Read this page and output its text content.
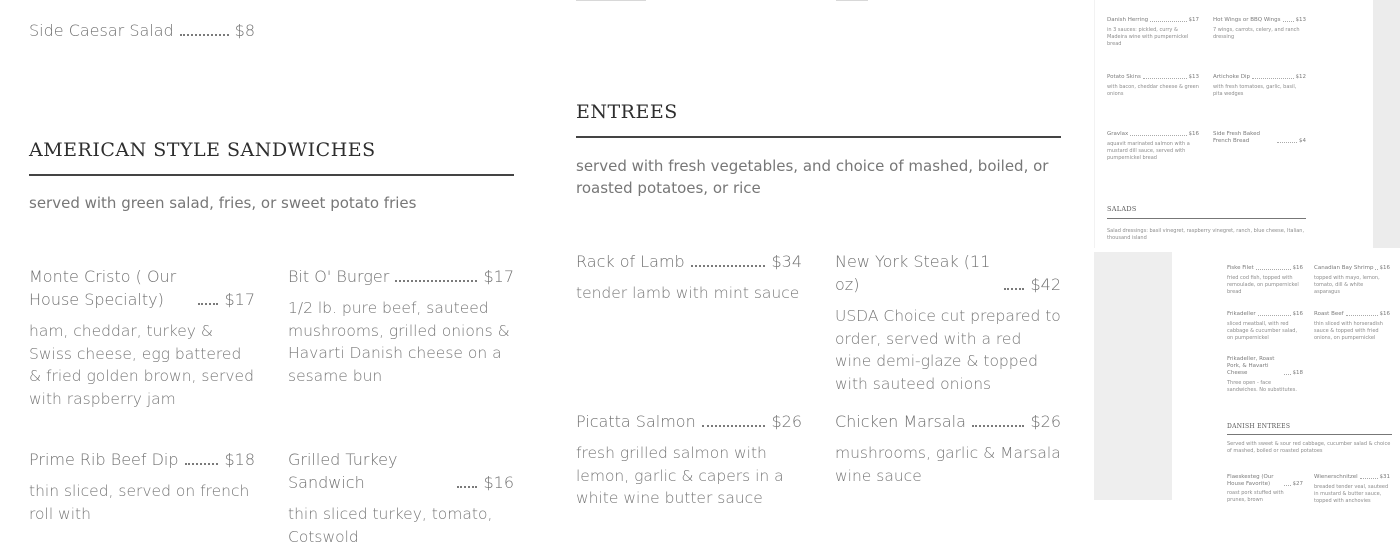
Side Caesar Salad	$8
AMERICAN STYLE SANDWICHES
served with green salad, fries, or sweet potato fries
Monte Cristo ( Our House Specialty)	$17
ham, cheddar, turkey & Swiss cheese, egg battered & fried golden brown, served with raspberry jam
Bit O' Burger	$17
1/2 lb. pure beef, sauteed mushrooms, grilled onions & Havarti Danish cheese on a sesame bun
Prime Rib Beef Dip	$18
thin sliced, served on french roll with
Grilled Turkey Sandwich	$16
thin sliced turkey, tomato, Cotswold
ENTREES
served with fresh vegetables, and choice of mashed, boiled, or roasted potatoes, or rice
Rack of Lamb	$34
tender lamb with mint sauce
New York Steak (11 oz)	$42
USDA Choice cut prepared to order, served with a red wine demi-glaze & topped with sauteed onions
Picatta Salmon	$26
fresh grilled salmon with lemon, garlic & capers in a white wine butter sauce
Chicken Marsala	$26
mushrooms, garlic & Marsala wine sauce
Danish Herring	$17
in 3 sauces: pickled, curry & Madeira wine with pumpernickel bread
Hot Wings or BBQ Wings	$13
7 wings, carrots, celery, and ranch dressing
Potato Skins	$13
with bacon, cheddar cheese & green onions
Artichoke Dip	$12
with fresh tomatoes, garlic, basil, pita wedges
Gravlax	$16
aquavit marinated salmon with a mustard dill sauce, served with pumpernickel bread
Side Fresh Baked French Bread	$4
SALADS
Salad dressings: basil vinegret, raspberry vinegret, ranch, blue cheese, Italian, thousand island
Fiske Filet	$16
fried cod fish, topped with remoulade, on pumpernickel bread
Canadian Bay Shrimp $16
topped with mayo, lemon, tomato, dill & white asparagus
Frikadeller	$16
sliced meatball, with red cabbage & cucumber salad, on pumpernickel
Roast Beef	$16
thin sliced with horseradish sauce & topped with fried onions, on pumpernickel
Frikadeller, Roast Pork, & Havarti Cheese	$18
Three open - face sandwiches. No substitutes.
DANISH ENTREES
Served with sweet & sour red cabbage, cucumber salad & choice of mashed, boiled or roasted potatoes
Flaeskesteg (Our House Favorite)	$27
roast pork stuffed with prunes, brown
Wienerschnitzel	$31
breaded tender veal, sauteed in mustard & butter sauce, topped with anchovies
